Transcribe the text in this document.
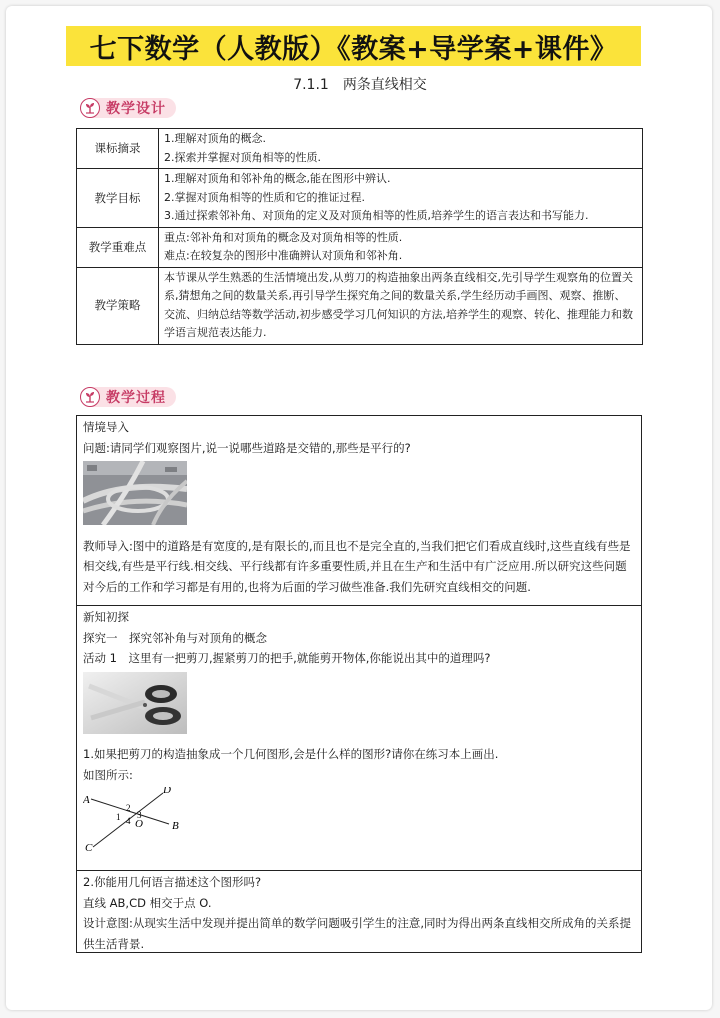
七下数学（人教版）《教案+导学案+课件》
7.1.1 两条直线相交
教学设计
课标摘录	1.理解对顶角的概念.
2.探索并掌握对顶角相等的性质.

教学目标	1.理解对顶角和邻补角的概念,能在图形中辨认.
2.掌握对顶角相等的性质和它的推证过程.
3.通过探索邻补角、对顶角的定义及对顶角相等的性质,培养学生的语言表达和书写能力.

教学重难点	重点:邻补角和对顶角的概念及对顶角相等的性质.
难点:在较复杂的图形中准确辨认对顶角和邻补角.

教学策略	本节课从学生熟悉的生活情境出发,从剪刀的构造抽象出两条直线相交,先引导学生观察角的位置关系,猜想角之间的数量关系,再引导学生探究角之间的数量关系,学生经历动手画图、观察、推断、交流、归纳总结等数学活动,初步感受学习几何知识的方法,培养学生的观察、转化、推理能力和数学语言规范表达能力.
教学过程

情境导入

问题:请同学们观察图片,说一说哪些道路是交错的,那些是平行的?

教师导入:图中的道路是有宽度的,是有限长的,而且也不是完全直的,当我们把它们看成直线时,这些直线有些是相交线,有些是平行线.相交线、平行线都有许多重要性质,并且在生产和生活中有广泛应用.所以研究这些问题对今后的工作和学习都是有用的,也将为后面的学习做些准备.我们先研究直线相交的问题.

新知初探

探究一　探究邻补角与对顶角的概念

活动 1　这里有一把剪刀,握紧剪刀的把手,就能剪开物体,你能说出其中的道理吗?

1.如果把剪刀的构造抽象成一个几何图形,会是什么样的图形?请你在练习本上画出.

如图所示:

A
B
C
D
O
1
2
3
4

2.你能用几何语言描述这个图形吗?

直线 AB,CD 相交于点 O.

设计意图:从现实生活中发现并提出简单的数学问题吸引学生的注意,同时为得出两条直线相交所成角的关系提供生活背景.
